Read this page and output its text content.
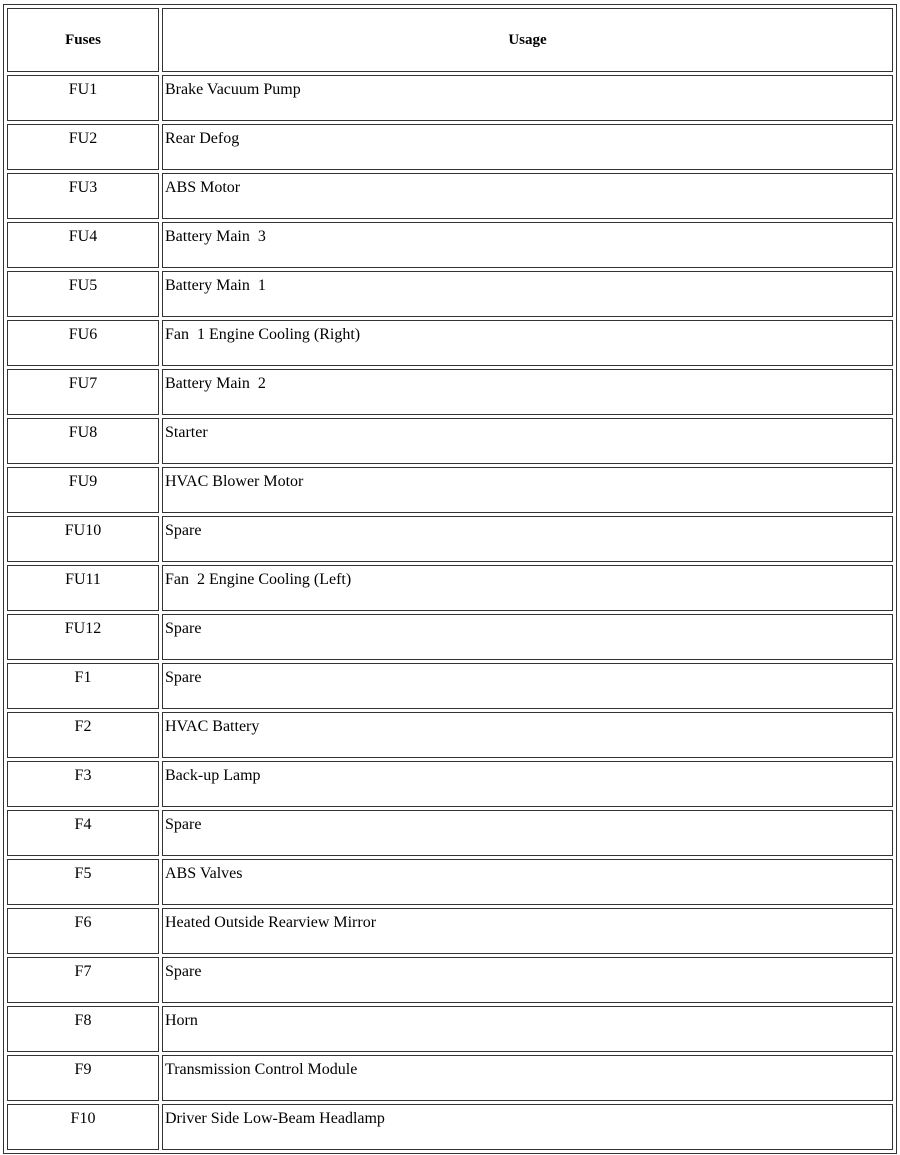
Fuses	Usage
FU1	Brake Vacuum Pump
FU2	Rear Defog
FU3	ABS Motor
FU4	Battery Main  3
FU5	Battery Main  1
FU6	Fan  1 Engine Cooling (Right)
FU7	Battery Main  2
FU8	Starter
FU9	HVAC Blower Motor
FU10	Spare
FU11	Fan  2 Engine Cooling (Left)
FU12	Spare
F1	Spare
F2	HVAC Battery
F3	Back-up Lamp
F4	Spare
F5	ABS Valves
F6	Heated Outside Rearview Mirror
F7	Spare
F8	Horn
F9	Transmission Control Module
F10	Driver Side Low-Beam Headlamp
